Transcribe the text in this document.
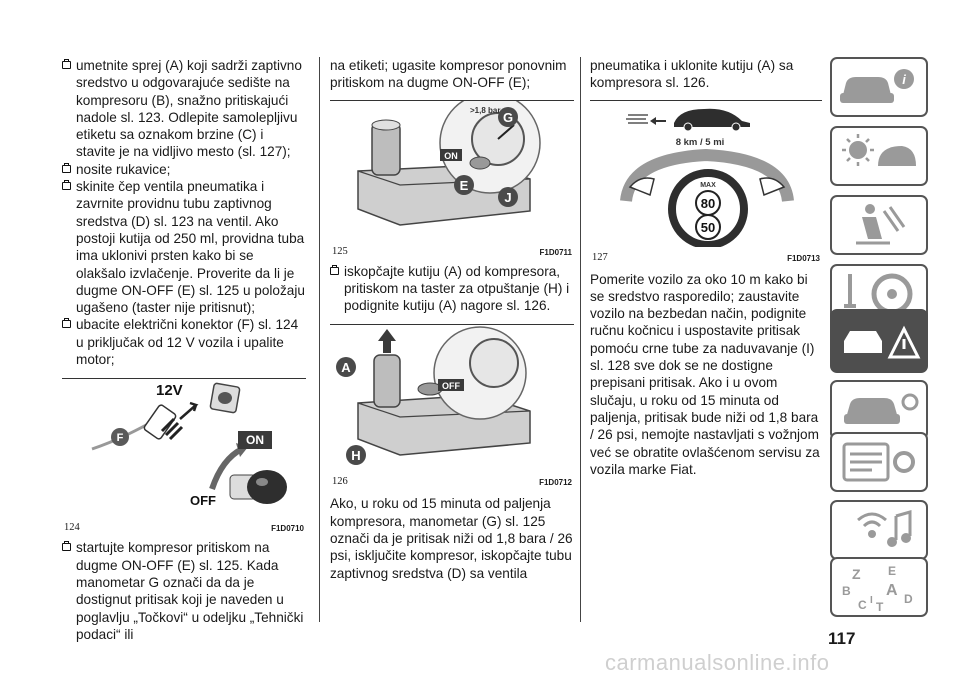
umetnite sprej (A) koji sadrži zaptivno sredstvo u odgovarajuće sedište na kompresoru (B), snažno pritiskajući nadole sl. 123. Odlepite samolepljivu etiketu sa oznakom brzine (C) i stavite je na vidljivo mesto (sl. 127);

nosite rukavice;

skinite čep ventila pneumatika i zavrnite providnu tubu zaptivnog sredstva (D) sl. 123 na ventil. Ako postoji kutija od 250 ml, providna tuba ima uklonivi prsten kako bi se olakšalo izvlačenje. Proverite da li je dugme ON-OFF (E) sl. 125 u položaju ugašeno (taster nije pritisnut);

ubacite električni konektor (F) sl. 124 u priključak od 12 V vozila i upalite motor;

F
12V
ON
OFF
124	F1D0710

startujte kompresor pritiskom na dugme ON-OFF (E) sl. 125. Kada manometar G označi da da je dostignut pritisak koji je naveden u poglavlju „Točkovi“ u odeljku „Tehnički podaci“ ili

na etiketi; ugasite kompresor ponovnim pritiskom na dugme ON-OFF (E);

>1,8 bar G
ON
E
J
125	F1D0711

iskopčajte kutiju (A) od kompresora, pritiskom na taster za otpuštanje (H) i podignite kutiju (A) nagore sl. 126.

OFF
A
H
126	F1D0712

Ako, u roku od 15 minuta od paljenja kompresora, manometar (G) sl. 125 označi da je pritisak niži od 1,8 bara / 26 psi, isključite kompresor, iskopčajte tubu zaptivnog sredstva (D) sa ventila

pneumatika i uklonite kutiju (A) sa kompresora sl. 126.

8 km / 5 mi
MAX
80
50
127	F1D0713

Pomerite vozilo za oko 10 m kako bi se sredstvo rasporedilo; zaustavite vozilo na bezbedan način, podignite ručnu kočnicu i uspostavite pritisak pomoću crne tube za naduvavanje (I) sl. 128 sve dok se ne dostigne prepisani pritisak. Ako i u ovom slučaju, u roku od 15 minuta od paljenja, pritisak bude niži od 1,8 bara / 26 psi, nemojte nastavljati s vožnjom već se obratite ovlašćenom servisu za vozila marke Fiat.

i
Z E
B A
C	D
T
I
117
carmanualsonline.info
